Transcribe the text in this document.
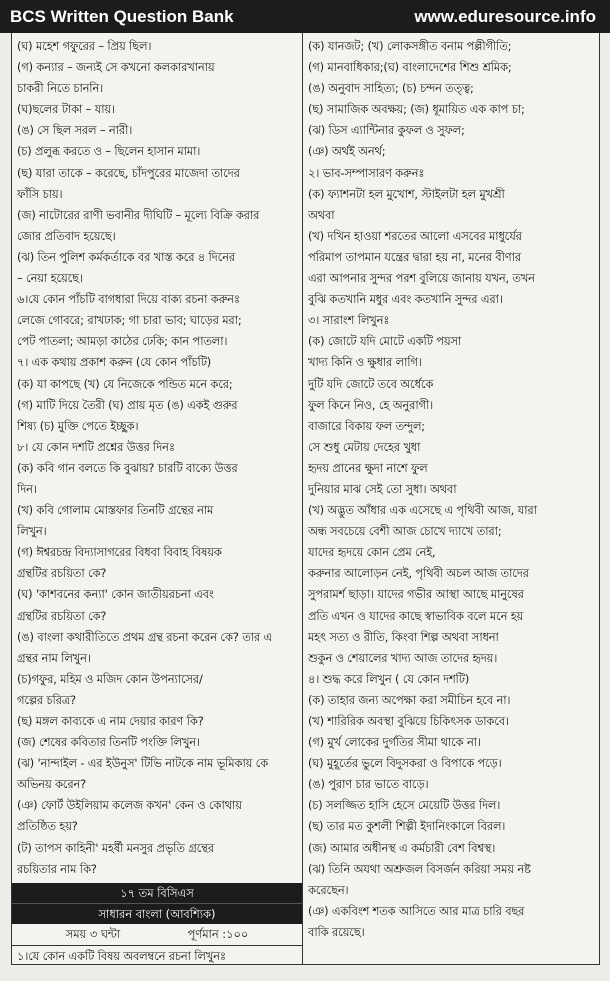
BCS Written Question Bank	www.eduresource.info
(ঘ) মহেশ গফুরের – প্রিয় ছিল।
(গ) কন্যার – জন্যই সে কখনো কলকারখানায়
চাকরী নিতে চাননি।
(ঘ)ছলের টাকা – যায়।
(ঙ) সে ছিল সরল – নারী।
(চ) প্রলুব্ধ করতে ও – ছিলেন হাসান মামা।
(ছ) যারা তাকে – করেছে, চাঁদপুরের মাজেদা তাদের
ফাঁসি চায়।
(জ) নাটোরের রাণী ভবানীর দীঘিটি – মূল্যে বিক্রি করার
জোর প্রতিবাদ হয়েছে।
(ঝ) তিন পুলিশ কর্মকর্তাকে বর খাস্ত করে ৪ দিনের
– নেয়া হয়েছে।
৬।যে কোন পাঁচটি বাগধারা দিয়ে বাক্য রচনা করুনঃ
লেজে গোবরে; রাখঢাক; গা চারা ভাব; ঘাড়ের মরা;
পেট পাতলা; আমড়া কাঠের ঢেকি; কান পাতলা।
৭। এক কথায় প্রকাশ করুন (যে কোন পাঁচটি)
(ক) যা কাপছে (খ) যে নিজেকে পন্ডিত মনে করে;
(গ) মাটি দিয়ে তৈরী (ঘ) প্রায় মৃত (ঙ) একই গুরুর
শিষ্য (চ) মুক্তি পেতে ইচ্ছুক।
৮। যে কোন দশটি প্রশ্নের উত্তর দিনঃ
(ক) কবি গান বলতে কি বুঝায়? চারটি বাক্যে উত্তর
দিন।
(খ) কবি গোলাম মোস্তফার তিনটি গ্রন্থের নাম
লিখুন।
(গ) ঈশ্বরচন্দ্র বিদ্যাসাগরের বিধবা বিবাহ বিষয়ক
গ্রন্থটির রচয়িতা কে?
(ঘ) 'কাশবনের কন্যা' কোন জাতীয়রচনা এবং
গ্রন্থটির রচয়িতা কে?
(ঙ) বাংলা কথারীতিতে প্রথম গ্রন্থ রচনা করেন কে? তার এ
গ্রন্থর নাম লিখুন।
(চ)গফুর, মহিম ও মজিদ কোন উপন্যাসের/
গল্পের চরিত্র?
(ছ) মঙ্গল কাব্যকে এ নাম দেয়ার কারণ কি?
(জ) শেষের কবিতার তিনটি পংক্তি লিখুন।
(ঝ) 'নান্দাইল - এর ইউনুস' টিভি নাটকে নাম ভূমিকায় কে
অভিনয় করেন?
(ঞ) ফোর্ট উইলিয়াম কলেজ কখন' কেন ও কোথায়
প্রতিষ্ঠিত হয়?
(ট) তাপস কাহিনী' মহর্ষী মনসুর প্রভৃতি গ্রন্থের
রচয়িতার নাম কি?
১৭ তম বিসিএস
সাধারন বাংলা (আবশ্যিক)
সময় ৩ ঘন্টা	পূর্ণমান :১০০
১।যে কোন একটি বিষয় অবলম্বনে রচনা লিখুনঃ
(ক) যানজট; (খ) লোকসঙ্গীত বনাম পল্লীগীতি;
(গ) মানবাধিকার;(ঘ) বাংলাদেশের শিশু শ্রমিক;
(ঙ) অনুবাদ সাহিত্য; (চ) চন্দন তত্ত্ব;
(ছ) সামাজিক অবক্ষয়; (জ) ধূমায়িত এক কাপ চা;
(ঝ) ডিস এ্যান্টিনার কুফল ও সুফল;
(ঞ) অর্থই অনর্থ;
২। ভাব-সম্পাসারণ করুনঃ
(ক) ফ্যাশনটা হল মুখোশ, স্টাইলটা হল মুখশ্রী
অথবা
(খ) দখিন হাওয়া শরতের আলো এসবের মাধুর্যের
পরিমাপ তাপমান যন্ত্রের দ্বারা হয় না, মনের বীণার
এরা আপনার সুন্দর পরশ বুলিয়ে জানায় যখন, তখন
বুঝি কতখানি মধুর এবং কতখানি সুন্দর এরা।
৩। সারাংশ লিখুনঃ
(ক) জোটে যদি মোটে একটি পয়সা
খাদ্য কিনি ও ক্ষুধার লাগি।
দুটি যদি জোটে তবে অর্ধেকে
ফুল কিনে নিও, হে অনুরাগী।
বাজারে বিকায় ফল তন্দুল;
সে শুধু মেটায় দেহের খুধা
হৃদয় প্রানের ক্ষুদা নাশে ফুল
দুনিয়ার মাঝ সেই তো সুধা। অথবা
(খ) অদ্ভুত আঁধার এক এসেছে এ পৃথিবী আজ, যারা
অন্ধ সবচেয়ে বেশী আজ চোখে দ্যাখে তারা;
যাদের হৃদয়ে কোন প্রেম নেই,
করুনার আলোড়ন নেই, পৃথিবী অচল আজ তাদের
সুপরামর্শ ছাড়া। যাদের গভীর আস্থা আছে মানুষের
প্রতি এখন ও যাদের কাছে স্বাভাবিক বলে মনে হয়
মহৎ সত্য ও রীতি, কিংবা শিল্প অথবা সাধনা
শুকুন ও শেয়ালের খাদ্য আজ তাদের হৃদয়।
৪। শুদ্ধ করে লিখুন ( যে কোন দশটি)
(ক) তাহার জন্য অপেক্ষা করা সমীচিন হবে না।
(খ) শারিরিক অবস্থা বুঝিয়ে চিকিৎসক ডাকবে।
(গ) মুর্খ লোকের দুর্গতির সীমা থাকে না।
(ঘ) মুহূর্তের ভুলে বিদুসকরা ও বিপাকে পড়ে।
(ঙ) পুরাণ চার ভাতে বাড়ে।
(চ) সলজ্জিত হাসি হেসে মেয়েটি উত্তর দিল।
(ছ) তার মত কুশলী শিল্পী ইদানিংকালে বিরল।
(জ) আমার অধীনস্থ এ কর্মচারী বেশ বিশ্বস্থ।
(ঝ) তিনি অযথা অশ্রুজল বিসর্জন করিয়া সময় নষ্ট
করেছেন।
(ঞ) একবিংশ শতক আসিতে আর মাত্র চারি বছর
বাকি রয়েছে।
